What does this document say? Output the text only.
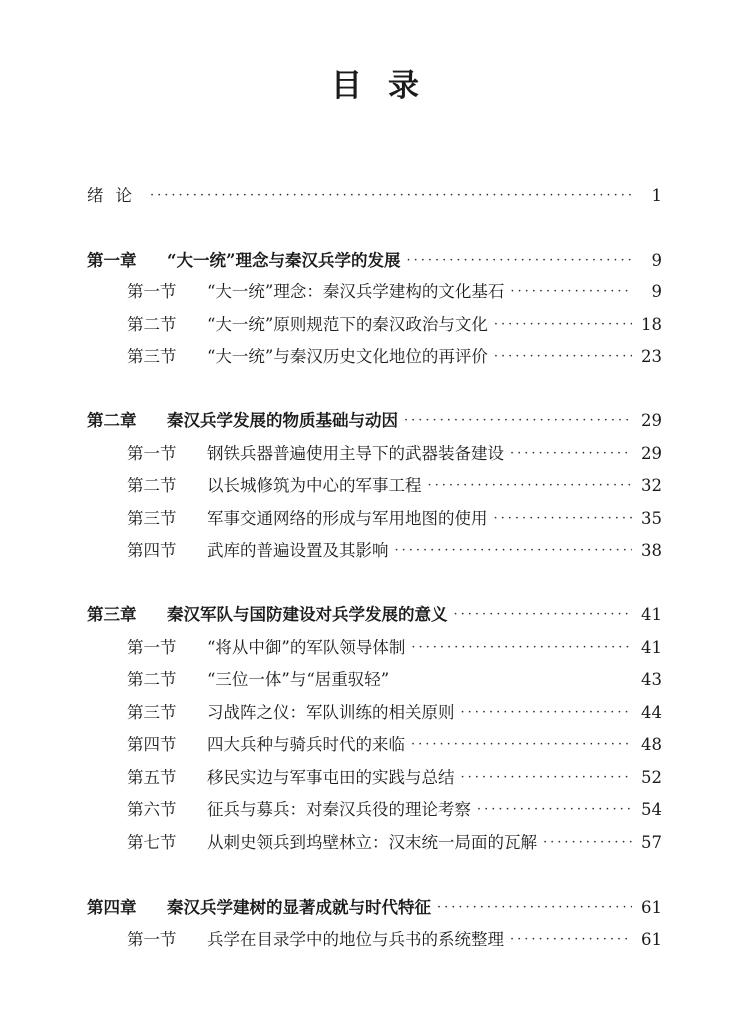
目录
绪论 ·····	1
第一章	“大一统”理念与秦汉兵学的发展 ·····	9
第一节	“大一统”理念：秦汉兵学建构的文化基石 ·····	9
第二节	“大一统”原则规范下的秦汉政治与文化 ·····	18
第三节	“大一统”与秦汉历史文化地位的再评价 ·····	23
第二章	秦汉兵学发展的物质基础与动因 ·····	29
第一节	钢铁兵器普遍使用主导下的武器装备建设 ·····	29
第二节	以长城修筑为中心的军事工程 ·····	32
第三节	军事交通网络的形成与军用地图的使用 ·····	35
第四节	武库的普遍设置及其影响 ·····	38
第三章	秦汉军队与国防建设对兵学发展的意义 ·····	41
第一节	“将从中御”的军队领导体制 ·····	41
第二节	“三位一体”与“居重驭轻”	43
第三节	习战阵之仪：军队训练的相关原则 ·····	44
第四节	四大兵种与骑兵时代的来临 ·····	48
第五节	移民实边与军事屯田的实践与总结 ·····	52
第六节	征兵与募兵：对秦汉兵役的理论考察 ·····	54
第七节	从刺史领兵到坞壁林立：汉末统一局面的瓦解 ·····	57
第四章	秦汉兵学建树的显著成就与时代特征 ·····	61
第一节	兵学在目录学中的地位与兵书的系统整理 ·····	61
